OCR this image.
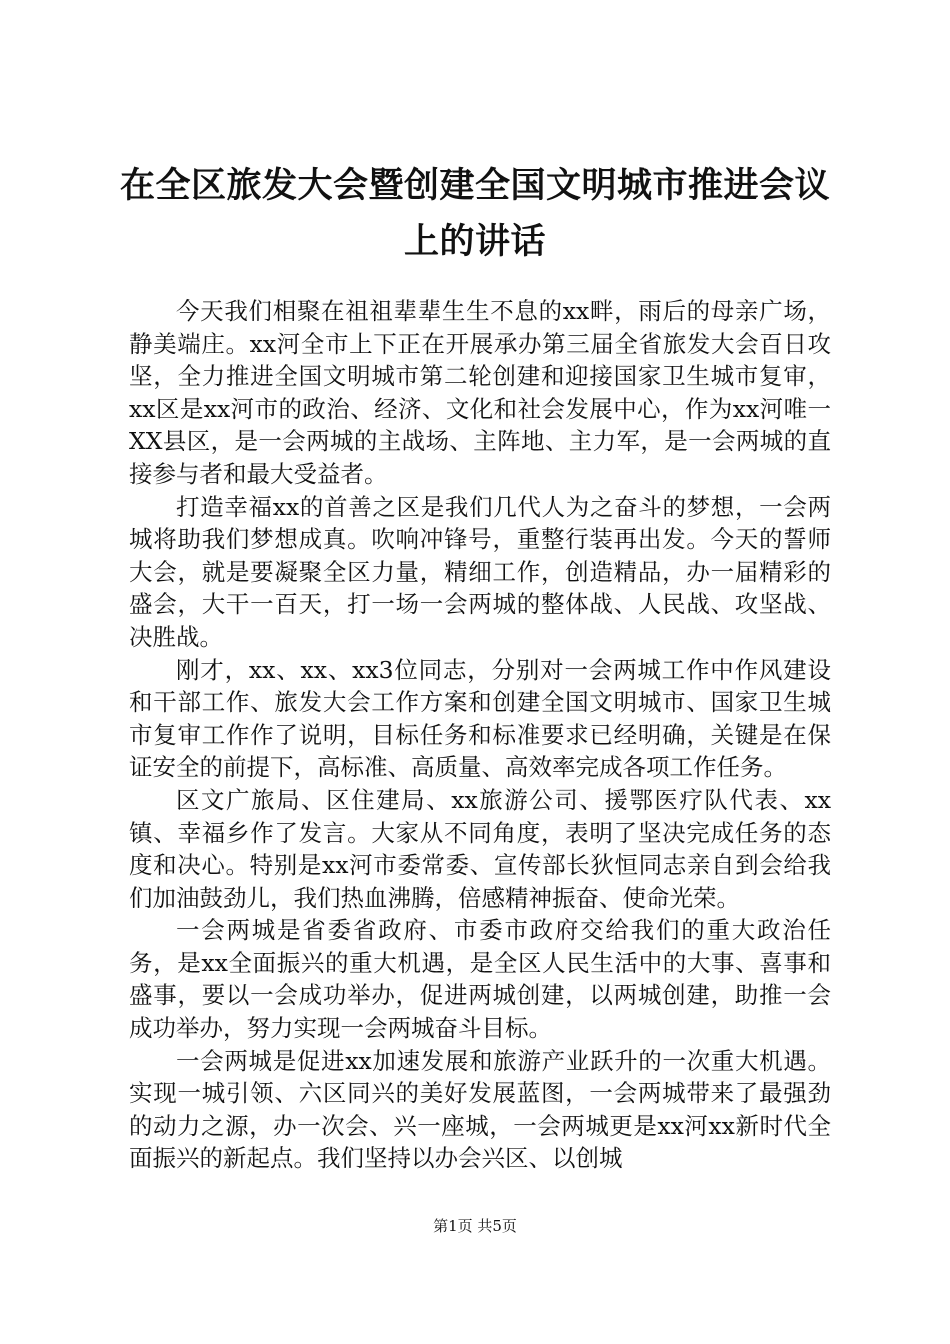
在全区旅发大会暨创建全国文明城市推进会议上的讲话

今天我们相聚在祖祖辈辈生生不息的xx畔，雨后的母亲广场，静美端庄。xx河全市上下正在开展承办第三届全省旅发大会百日攻坚，全力推进全国文明城市第二轮创建和迎接国家卫生城市复审，xx区是xx河市的政治、经济、文化和社会发展中心，作为xx河唯一XX县区，是一会两城的主战场、主阵地、主力军，是一会两城的直接参与者和最大受益者。

打造幸福xx的首善之区是我们几代人为之奋斗的梦想，一会两城将助我们梦想成真。吹响冲锋号，重整行装再出发。今天的誓师大会，就是要凝聚全区力量，精细工作，创造精品，办一届精彩的盛会，大干一百天，打一场一会两城的整体战、人民战、攻坚战、决胜战。

刚才，xx、xx、xx3位同志，分别对一会两城工作中作风建设和干部工作、旅发大会工作方案和创建全国文明城市、国家卫生城市复审工作作了说明，目标任务和标准要求已经明确，关键是在保证安全的前提下，高标准、高质量、高效率完成各项工作任务。

区文广旅局、区住建局、xx旅游公司、援鄂医疗队代表、xx镇、幸福乡作了发言。大家从不同角度，表明了坚决完成任务的态度和决心。特别是xx河市委常委、宣传部长狄恒同志亲自到会给我们加油鼓劲儿，我们热血沸腾，倍感精神振奋、使命光荣。

一会两城是省委省政府、市委市政府交给我们的重大政治任务，是xx全面振兴的重大机遇，是全区人民生活中的大事、喜事和盛事，要以一会成功举办，促进两城创建，以两城创建，助推一会成功举办，努力实现一会两城奋斗目标。

一会两城是促进xx加速发展和旅游产业跃升的一次重大机遇。实现一城引领、六区同兴的美好发展蓝图，一会两城带来了最强劲的动力之源，办一次会、兴一座城，一会两城更是xx河xx新时代全面振兴的新起点。我们坚持以办会兴区、以创城

第1页 共5页
